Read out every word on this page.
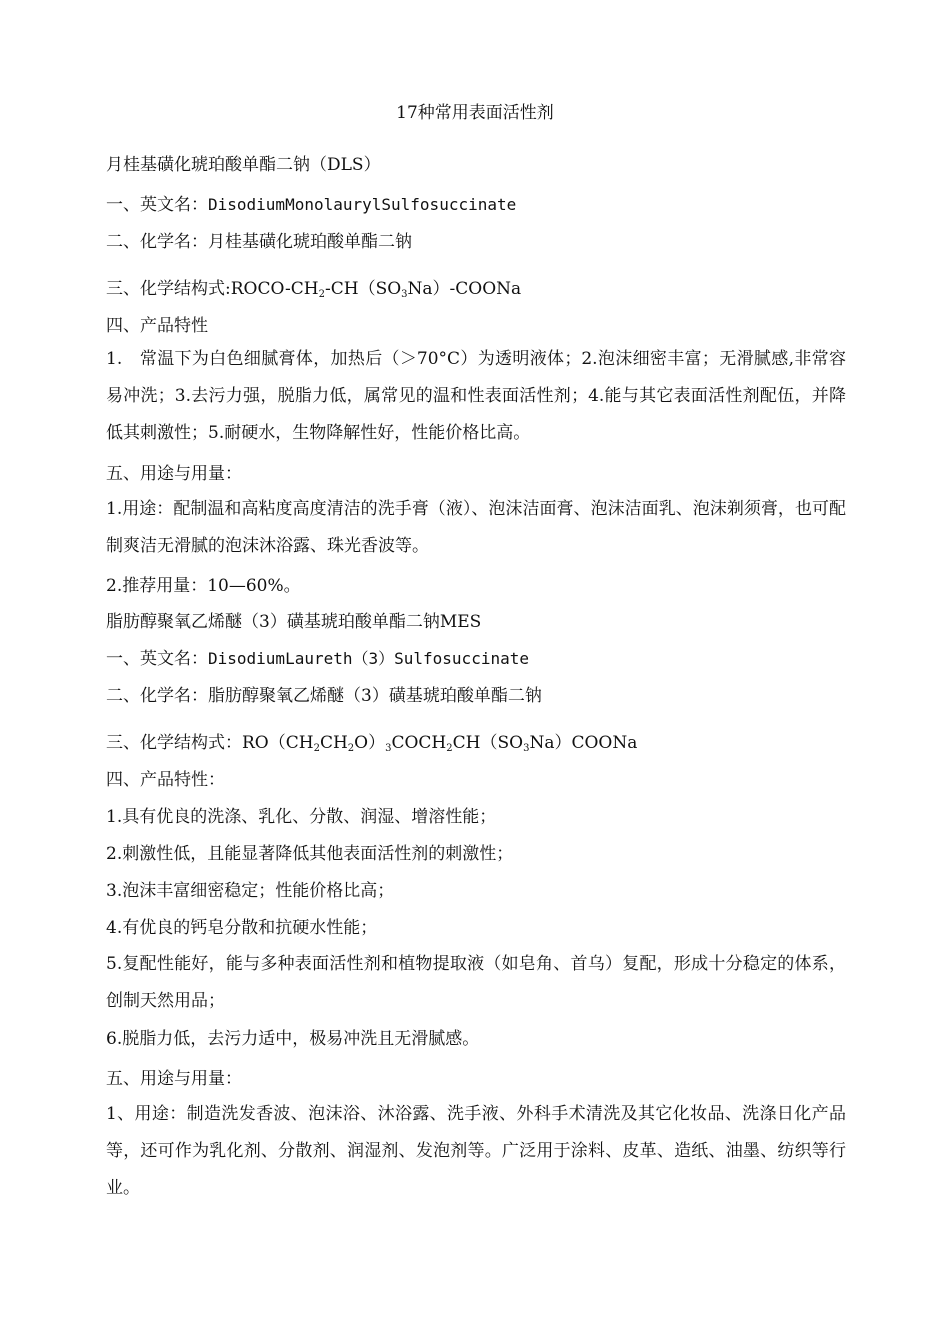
17种常用表面活性剂
月桂基磺化琥珀酸单酯二钠（DLS）
一、英文名：DisodiumMonolaurylSulfosuccinate
二、化学名：月桂基磺化琥珀酸单酯二钠
三、化学结构式$:ROCO-CH_2-CH(SO_3Na)$-COONa
四、产品特性
1.　常温下为白色细腻膏体，加热后（＞70°C）为透明液体；2.泡沫细密丰富；无滑腻感,非常容易冲洗；3.去污力强，脱脂力低，属常见的温和性表面活性剂；4.能与其它表面活性剂配伍，并降低其刺激性；5.耐硬水，生物降解性好，性能价格比高。
五、用途与用量：
1.用途：配制温和高粘度高度清洁的洗手膏（液）、泡沫洁面膏、泡沫洁面乳、泡沫剃须膏，也可配制爽洁无滑腻的泡沫沐浴露、珠光香波等。
2.推荐用量：10—60%。
脂肪醇聚氧乙烯醚（3）磺基琥珀酸单酯二钠MES
一、英文名：DisodiumLaureth（3）Sulfosuccinate
二、化学名：脂肪醇聚氧乙烯醚（3）磺基琥珀酸单酯二钠
三、化学结构式：$RO(CH_2CH_2O)_3COCH_2CH(SO_3Na)COONa$
四、产品特性：
1.具有优良的洗涤、乳化、分散、润湿、增溶性能；
2.刺激性低，且能显著降低其他表面活性剂的刺激性；
3.泡沫丰富细密稳定；性能价格比高；
4.有优良的钙皂分散和抗硬水性能；
5.复配性能好，能与多种表面活性剂和植物提取液（如皂角、首乌）复配，形成十分稳定的体系，创制天然用品；
6.脱脂力低，去污力适中，极易冲洗且无滑腻感。
五、用途与用量：
1、用途：制造洗发香波、泡沫浴、沐浴露、洗手液、外科手术清洗及其它化妆品、洗涤日化产品等，还可作为乳化剂、分散剂、润湿剂、发泡剂等。广泛用于涂料、皮革、造纸、油墨、纺织等行业。
